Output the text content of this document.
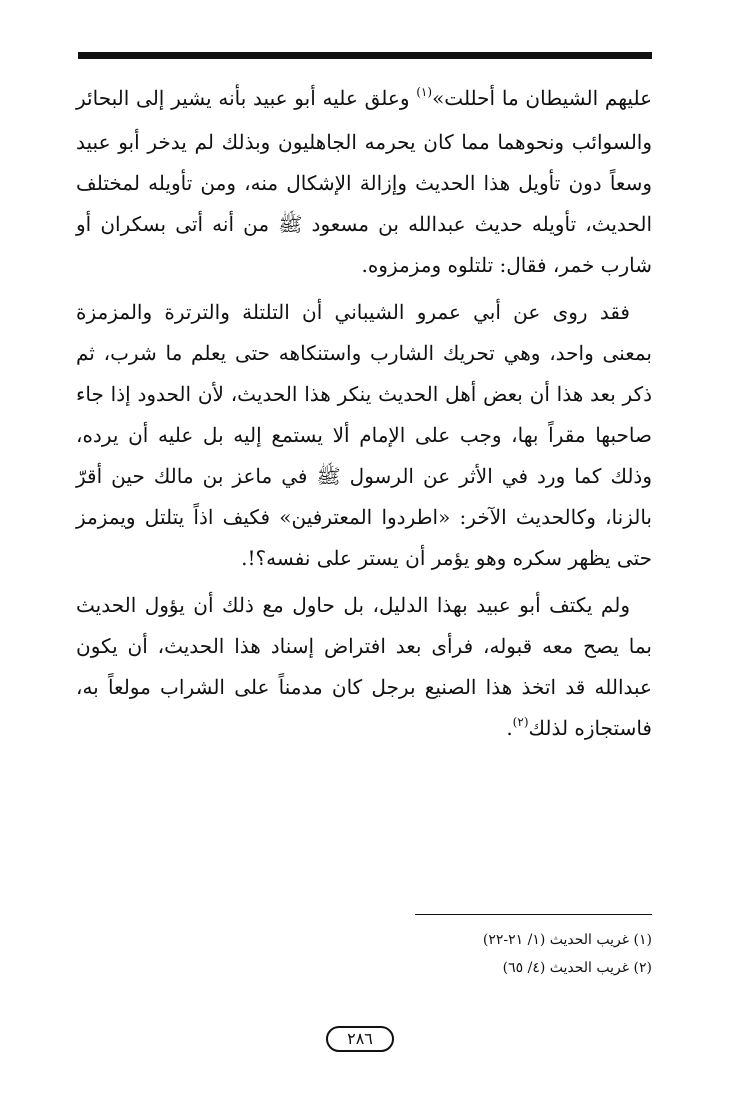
عليهم الشيطان ما أحللت»$^{(١)}$ وعلق عليه أبو عبيد بأنه يشير إلى البحائر والسوائب ونحوهما مما كان يحرمه الجاهليون وبذلك لم يدخر أبو عبيد وسعاً دون تأويل هذا الحديث وإزالة الإشكال منه، ومن تأويله لمختلف الحديث، تأويله حديث عبدالله بن مسعود ﷺ من أنه أتى بسكران أو شارب خمر، فقال: تلتلوه ومزمزوه.

فقد روى عن أبي عمرو الشيباني أن التلتلة والترترة والمزمزة بمعنى واحد، وهي تحريك الشارب واستنكاهه حتى يعلم ما شرب، ثم ذكر بعد هذا أن بعض أهل الحديث ينكر هذا الحديث، لأن الحدود إذا جاء صاحبها مقراً بها، وجب على الإمام ألا يستمع إليه بل عليه أن يرده، وذلك كما ورد في الأثر عن الرسول ﷺ في ماعز بن مالك حين أقرّ بالزنا، وكالحديث الآخر: «اطردوا المعترفين» فكيف اذاً يتلتل ويمزمز حتى يظهر سكره وهو يؤمر أن يستر على نفسه؟!.

ولم يكتف أبو عبيد بهذا الدليل، بل حاول مع ذلك أن يؤول الحديث بما يصح معه قبوله، فرأى بعد افتراض إسناد هذا الحديث، أن يكون عبدالله قد اتخذ هذا الصنيع برجل كان مدمناً على الشراب مولعاً به، فاستجازه لذلك$^{(٢)}$.

(١) غريب الحديث (١/ ٢١-٢٢)

(٢) غريب الحديث (٤/ ٦٥)

٢٨٦
